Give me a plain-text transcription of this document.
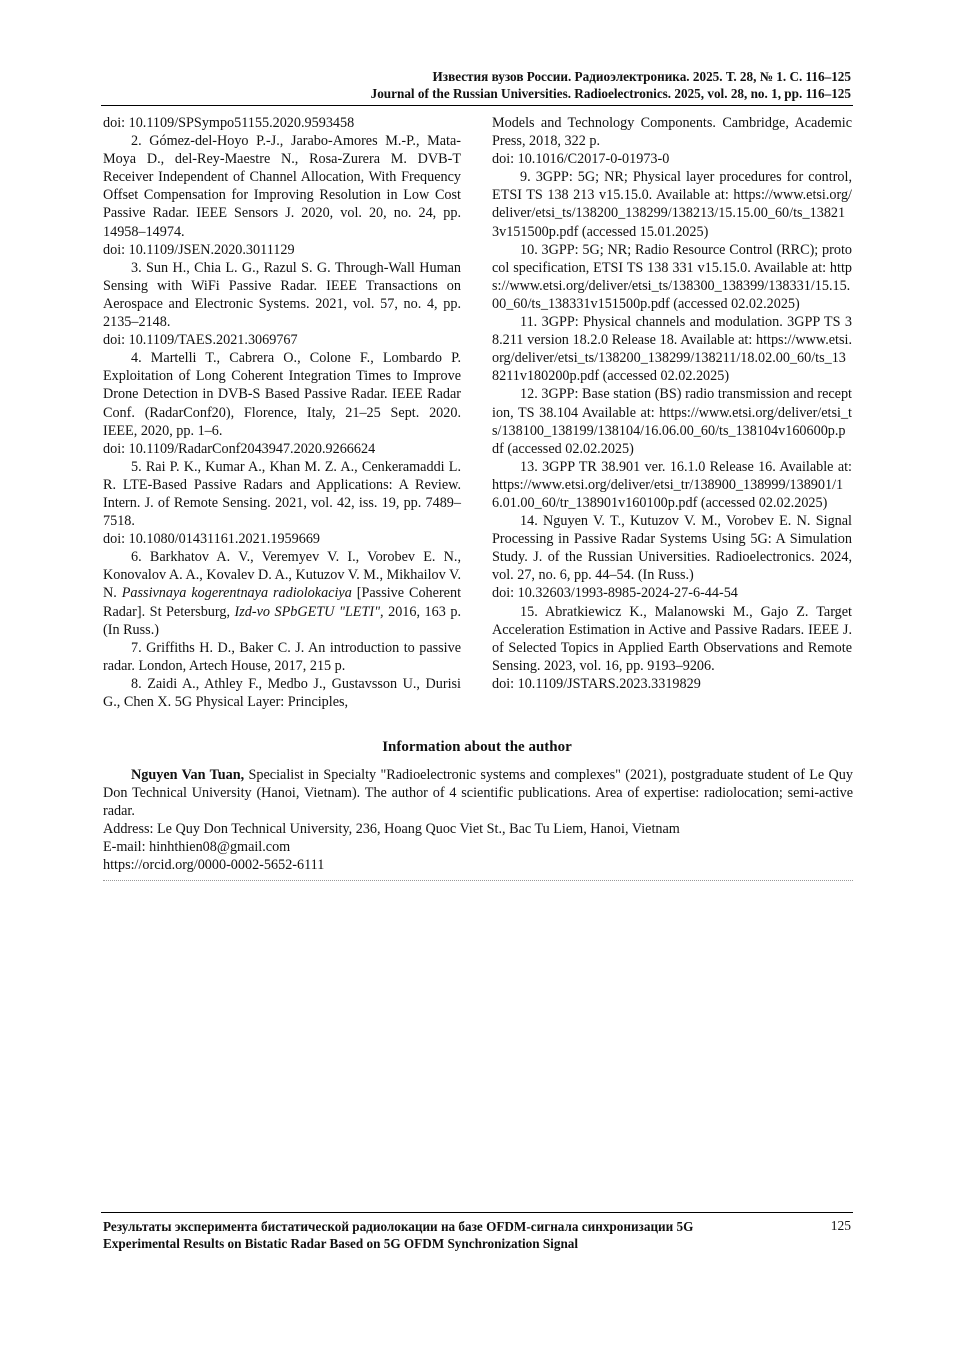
Известия вузов России. Радиоэлектроника. 2025. Т. 28, № 1. С. 116–125
Journal of the Russian Universities. Radioelectronics. 2025, vol. 28, no. 1, pp. 116–125

doi: 10.1109/SPSympo51155.2020.9593458

2. Gómez-del-Hoyo P.-J., Jarabo-Amores M.-P., Mata-Moya D., del-Rey-Maestre N., Rosa-Zurera M. DVB-T Receiver Independent of Channel Allocation, With Frequency Offset Compensation for Improving Resolution in Low Cost Passive Radar. IEEE Sensors J. 2020, vol. 20, no. 24, pp. 14958–14974.

doi: 10.1109/JSEN.2020.3011129

3. Sun H., Chia L. G., Razul S. G. Through-Wall Human Sensing with WiFi Passive Radar. IEEE Transactions on Aerospace and Electronic Systems. 2021, vol. 57, no. 4, pp. 2135–2148.

doi: 10.1109/TAES.2021.3069767

4. Martelli T., Cabrera O., Colone F., Lombardo P. Exploitation of Long Coherent Integration Times to Improve Drone Detection in DVB-S Based Passive Radar. IEEE Radar Conf. (RadarConf20), Florence, Italy, 21–25 Sept. 2020. IEEE, 2020, pp. 1–6.

doi: 10.1109/RadarConf2043947.2020.9266624

5. Rai P. K., Kumar A., Khan M. Z. A., Cenkeramaddi L. R. LTE-Based Passive Radars and Applications: A Review. Intern. J. of Remote Sensing. 2021, vol. 42, iss. 19, pp. 7489–7518.

doi: 10.1080/01431161.2021.1959669

6. Barkhatov A. V., Veremyev V. I., Vorobev E. N., Konovalov A. A., Kovalev D. A., Kutuzov V. M., Mikhailov V. N. Passivnaya kogerentnaya radiolokaciya [Passive Coherent Radar]. St Petersburg, Izd-vo SPbGETU "LETI", 2016, 163 p. (In Russ.)

7. Griffiths H. D., Baker C. J. An introduction to passive radar. London, Artech House, 2017, 215 p.

8. Zaidi A., Athley F., Medbo J., Gustavsson U., Durisi G., Chen X. 5G Physical Layer: Principles,

Models and Technology Components. Cambridge, Academic Press, 2018, 322 p.

doi: 10.1016/C2017-0-01973-0

9. 3GPP: 5G; NR; Physical layer procedures for control, ETSI TS 138 213 v15.15.0. Available at: https://www.etsi.org/deliver/etsi_ts/138200_138299/138213/15.15.00_60/ts_138213v151500p.pdf (accessed 15.01.2025)

10. 3GPP: 5G; NR; Radio Resource Control (RRC); protocol specification, ETSI TS 138 331 v15.15.0. Available at: https://www.etsi.org/deliver/etsi_ts/138300_138399/138331/15.15.00_60/ts_138331v151500p.pdf (accessed 02.02.2025)

11. 3GPP: Physical channels and modulation. 3GPP TS 38.211 version 18.2.0 Release 18. Available at: https://www.etsi.org/deliver/etsi_ts/138200_138299/138211/18.02.00_60/ts_138211v180200p.pdf (accessed 02.02.2025)

12. 3GPP: Base station (BS) radio transmission and reception, TS 38.104 Available at: https://www.etsi.org/deliver/etsi_ts/138100_138199/138104/16.06.00_60/ts_138104v160600p.pdf (accessed 02.02.2025)

13. 3GPP TR 38.901 ver. 16.1.0 Release 16. Available at: https://www.etsi.org/deliver/etsi_tr/138900_138999/138901/16.01.00_60/tr_138901v160100p.pdf (accessed 02.02.2025)

14. Nguyen V. T., Kutuzov V. M., Vorobev E. N. Signal Processing in Passive Radar Systems Using 5G: A Simulation Study. J. of the Russian Universities. Radioelectronics. 2024, vol. 27, no. 6, pp. 44–54. (In Russ.)

doi: 10.32603/1993-8985-2024-27-6-44-54

15. Abratkiewicz K., Malanowski M., Gajo Z. Target Acceleration Estimation in Active and Passive Radars. IEEE J. of Selected Topics in Applied Earth Observations and Remote Sensing. 2023, vol. 16, pp. 9193–9206.

doi: 10.1109/JSTARS.2023.3319829

Information about the author

Nguyen Van Tuan, Specialist in Specialty "Radioelectronic systems and complexes" (2021), postgraduate student of Le Quy Don Technical University (Hanoi, Vietnam). The author of 4 scientific publications. Area of expertise: radiolocation; semi-active radar.

Address: Le Quy Don Technical University, 236, Hoang Quoc Viet St., Bac Tu Liem, Hanoi, Vietnam

E-mail: hinhthien08@gmail.com

https://orcid.org/0000-0002-5652-6111

Результаты эксперимента бистатической радиолокации на базе OFDM-сигнала синхронизации 5G
Experimental Results on Bistatic Radar Based on 5G OFDM Synchronization Signal
125
